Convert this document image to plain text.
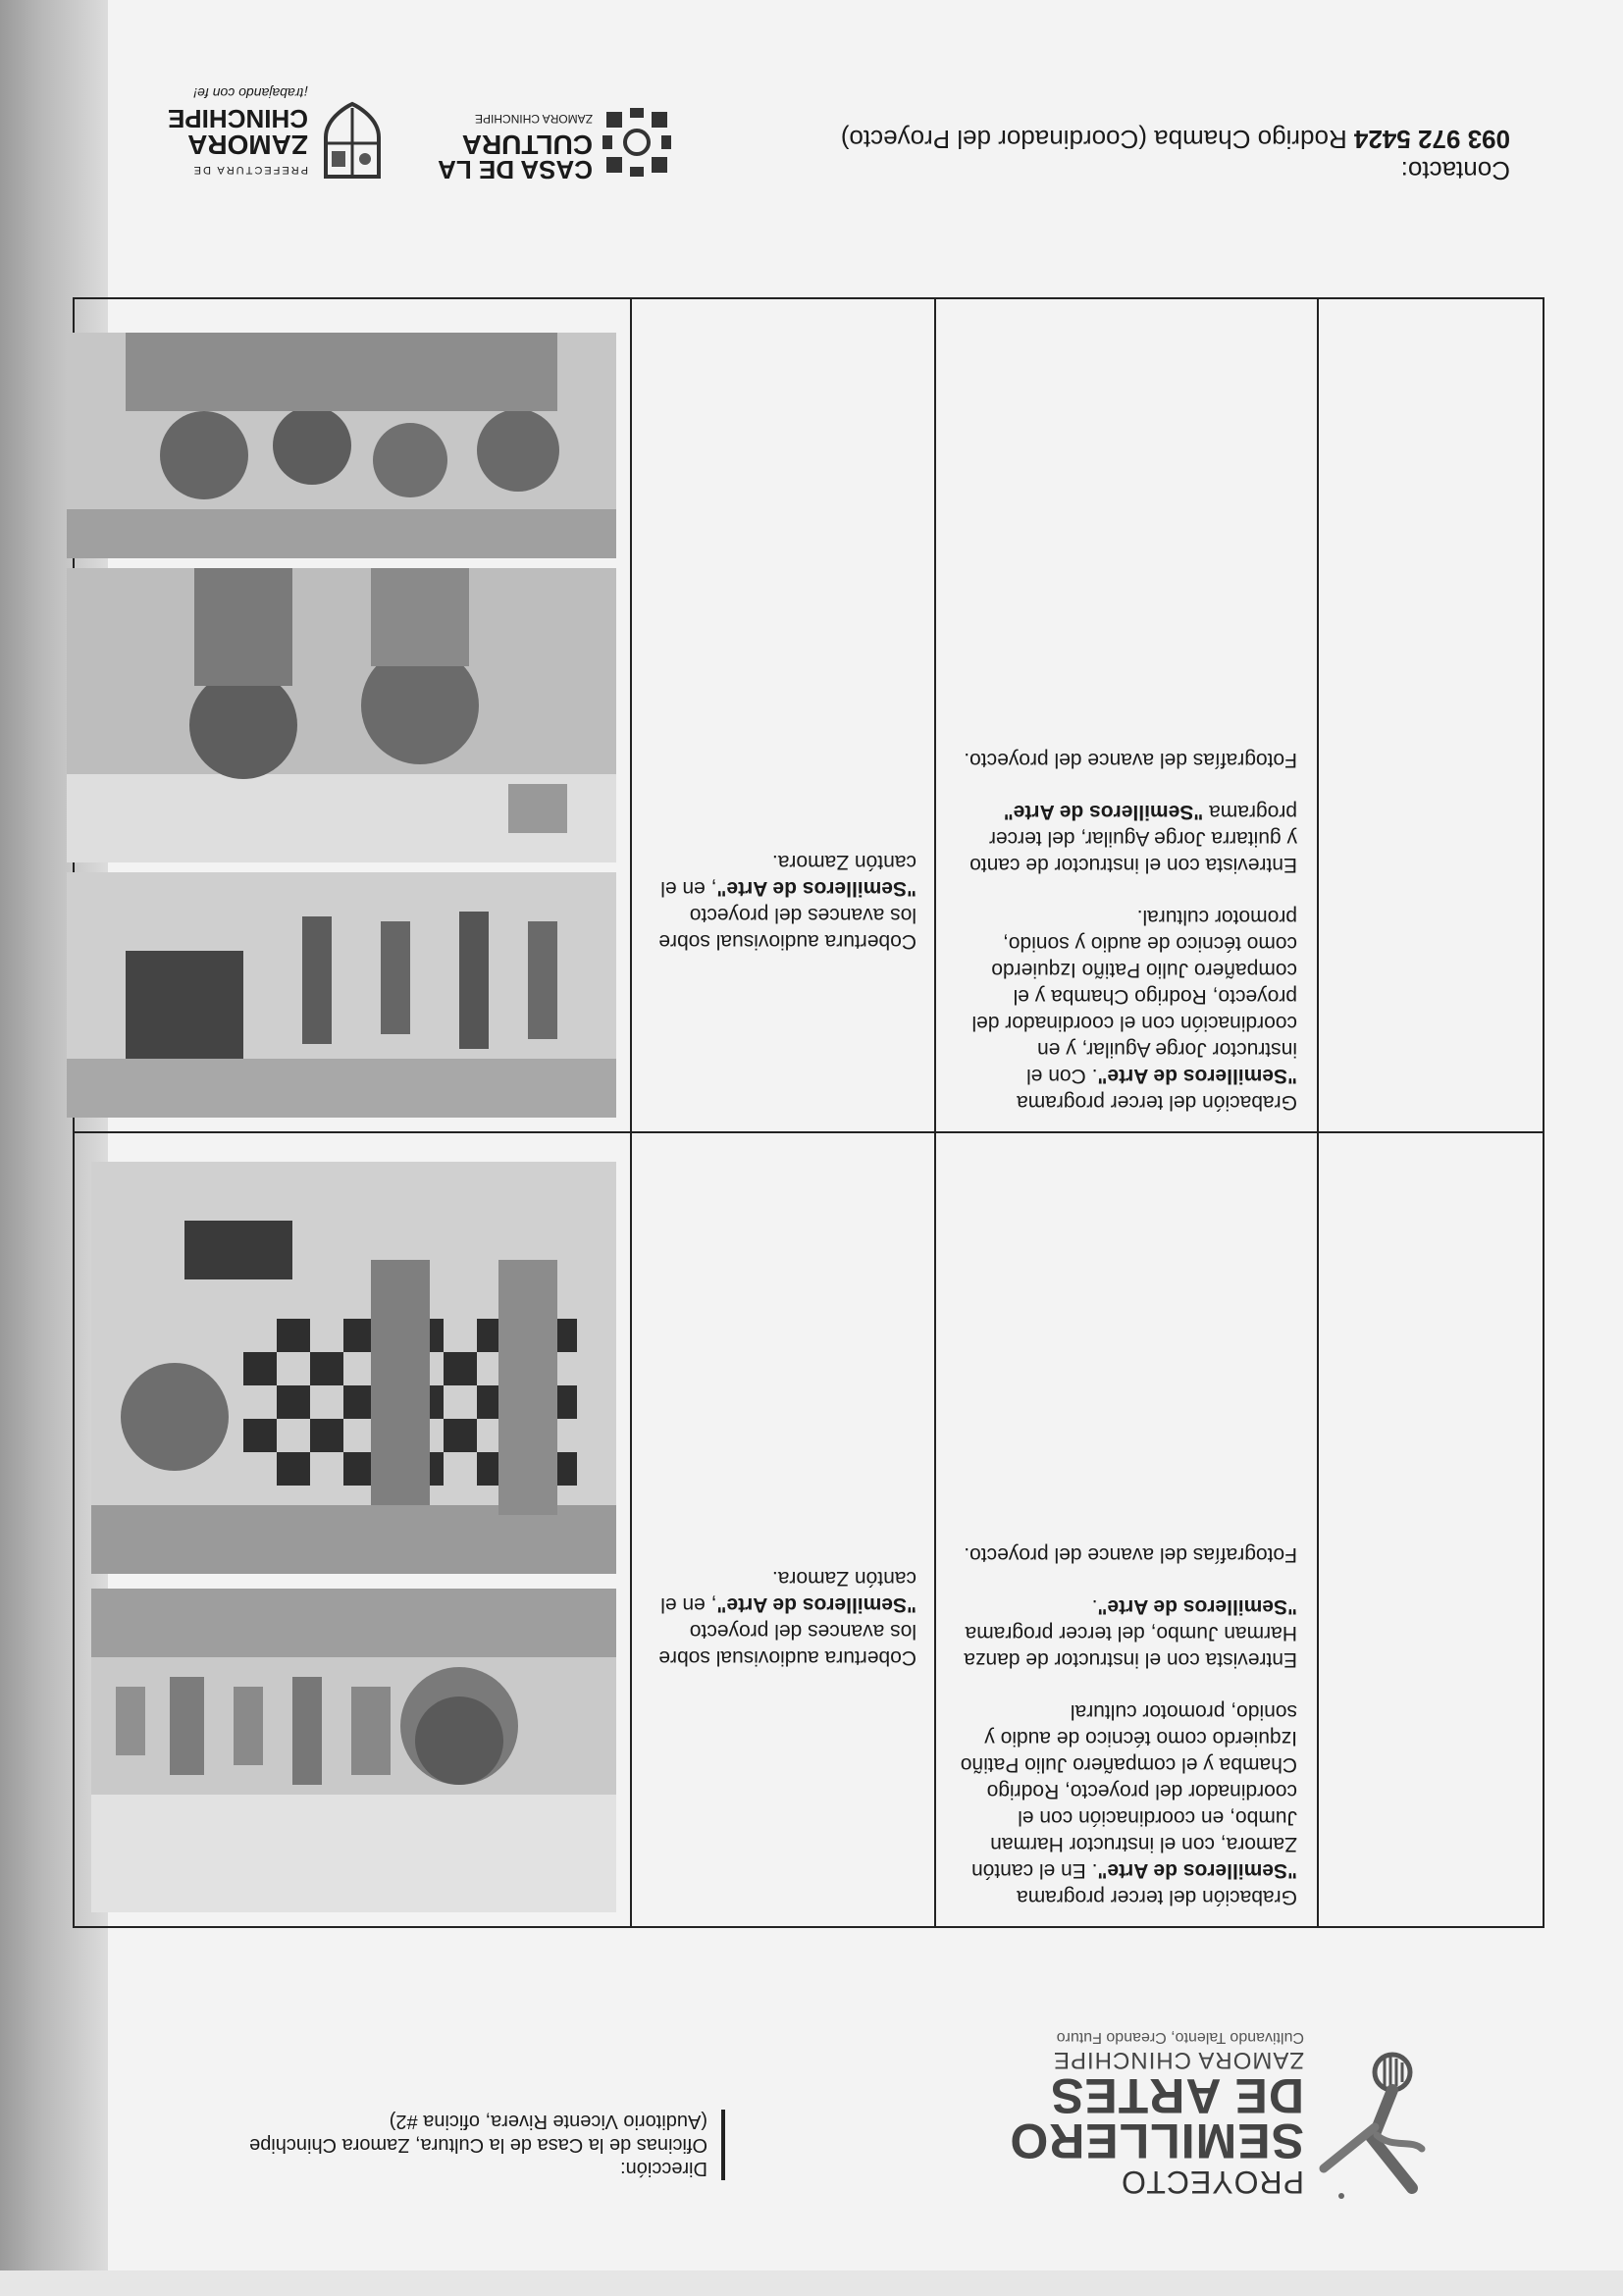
PROYECTO
SEMILLERO
DE ARTES
ZAMORA CHINCHIPE
Cultivando Talento, Creando Futuro
Dirección:
Oficinas de la Casa de la Cultura, Zamora Chinchipe
(Auditorio Vicente Rivera, oficina #2)

	Grabación del tercer programa "Semilleros de Arte". En el cantón Zamora, con el instructor Harman Jumbo, en coordinación con el coordinador del proyecto, Rodrigo Chamba y el compañero Julio Patiño Izquierdo como técnico de audio y sonido, promotor cultural

Entrevista con el instructor de danza Harman Jumbo, del tercer programa "Semilleros de Arte".

Fotografías del avance del proyecto.	Cobertura audiovisual sobre los avances del proyecto "Semilleros de Arte", en el cantón Zamora.

	Grabación del tercer programa "Semilleros de Arte". Con el instructor Jorge Aguilar, y en coordinación con el coordinador del proyecto, Rodrigo Chamba y el compañero Julio Patiño Izquierdo como técnico de audio y sonido, promotor cultural.

Entrevista con el instructor de canto y guitarra Jorge Aguilar, del tercer programa "Semilleros de Arte"

Fotografías del avance del proyecto.	Cobertura audiovisual sobre los avances del proyecto "Semilleros de Arte", en el cantón Zamora.

Contacto:
093 972 5424 Rodrigo Chamba (Coordinador del Proyecto)
CASA DE LA
CULTURA
ZAMORA CHINCHIPE
PREFECTURA DE
ZAMORA
CHINCHIPE
¡trabajando con fe!
